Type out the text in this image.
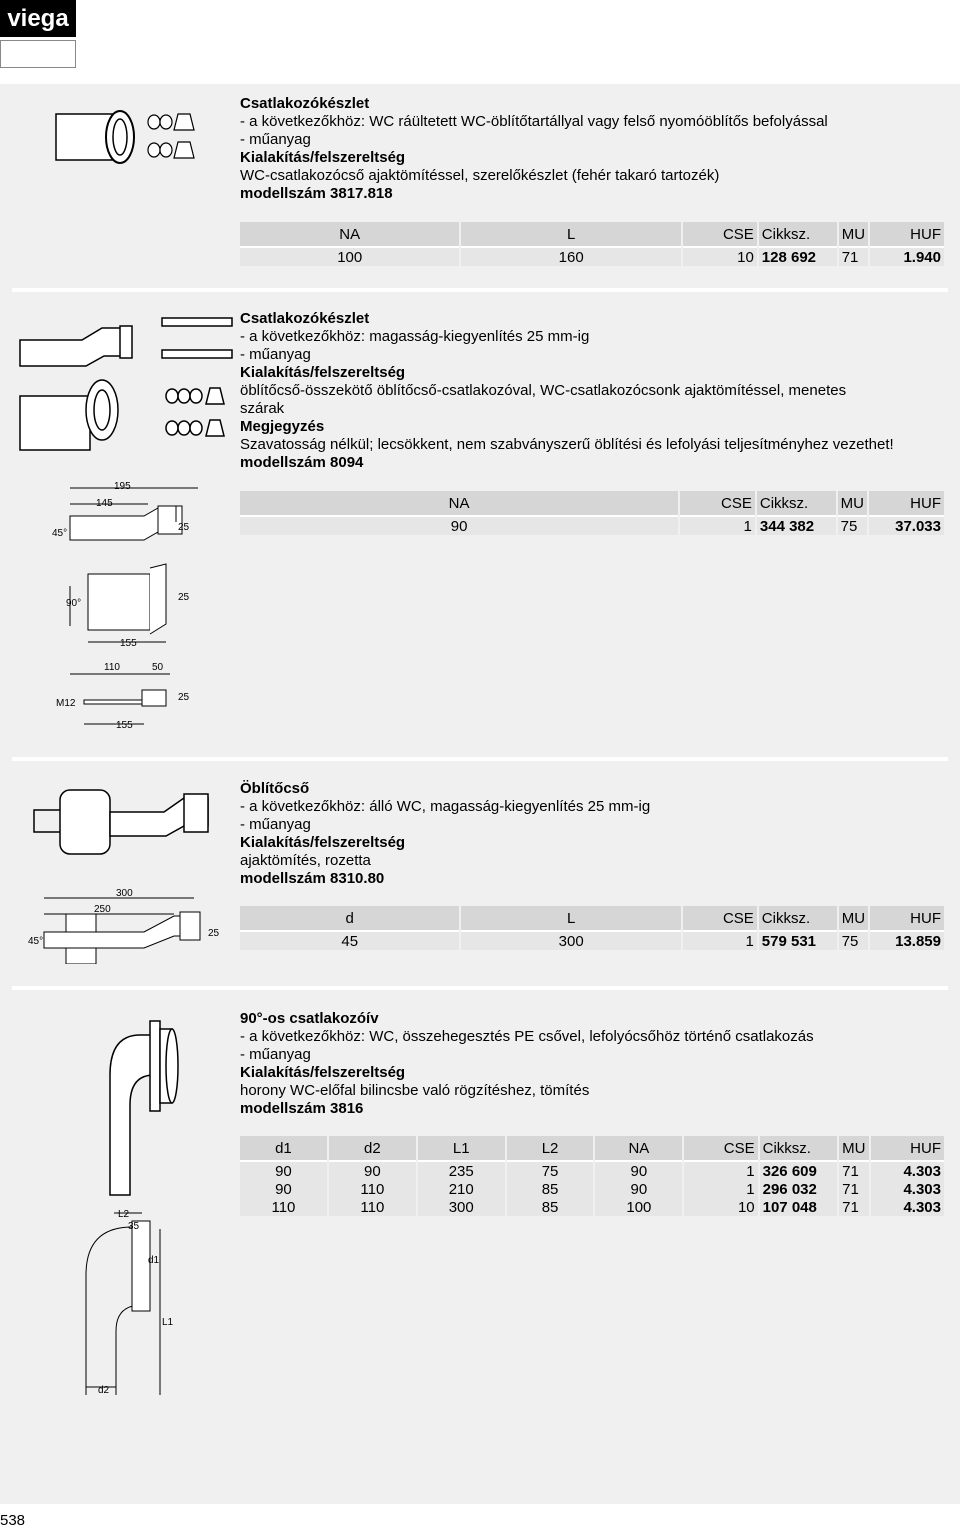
viega
Csatlakozókészlet
- a következőkhöz: WC ráültetett WC-öblítőtartállyal vagy felső nyomóöblítős befolyással
- műanyag
Kialakítás/felszereltség
WC-csatlakozócső ajaktömítéssel, szerelőkészlet (fehér takaró tartozék)
modellszám 3817.818
NA	L	CSE	Cikksz.	MU	HUF
100	160	10	128 692	71	1.940
Csatlakozókészlet
- a következőkhöz: magasság-kiegyenlítés 25 mm-ig
- műanyag
Kialakítás/felszereltség
öblítőcső-összekötő öblítőcső-csatlakozóval, WC-csatlakozócsonk ajaktömítéssel, menetes
szárak
Megjegyzés
Szavatosság nélkül; lecsökkent, nem szabványszerű öblítési és lefolyási teljesítményhez vezethet!
modellszám 8094
NA	CSE	Cikksz.	MU	HUF
90	1	344 382	75	37.033
195
145
25
45°
90°
25
155
110	50
M12
25
155
Öblítőcső
- a következőkhöz: álló WC, magasság-kiegyenlítés 25 mm-ig
- műanyag
Kialakítás/felszereltség
ajaktömítés, rozetta
modellszám 8310.80
d	L	CSE	Cikksz.	MU	HUF
45	300	1	579 531	75	13.859
300
250
25
45°
90°-os csatlakozóív
- a következőkhöz: WC, összehegesztés PE csővel, lefolyócsőhöz történő csatlakozás
- műanyag
Kialakítás/felszereltség
horony WC-előfal bilincsbe való rögzítéshez, tömítés
modellszám 3816
d1	d2	L1	L2	NA	CSE	Cikksz.	MU	HUF
90	90	235	75	90	1	326 609	71	4.303
90	110	210	85	90	1	296 032	71	4.303
110	110	300	85	100	10	107 048	71	4.303
L2
35
d1
L1
d2
538
